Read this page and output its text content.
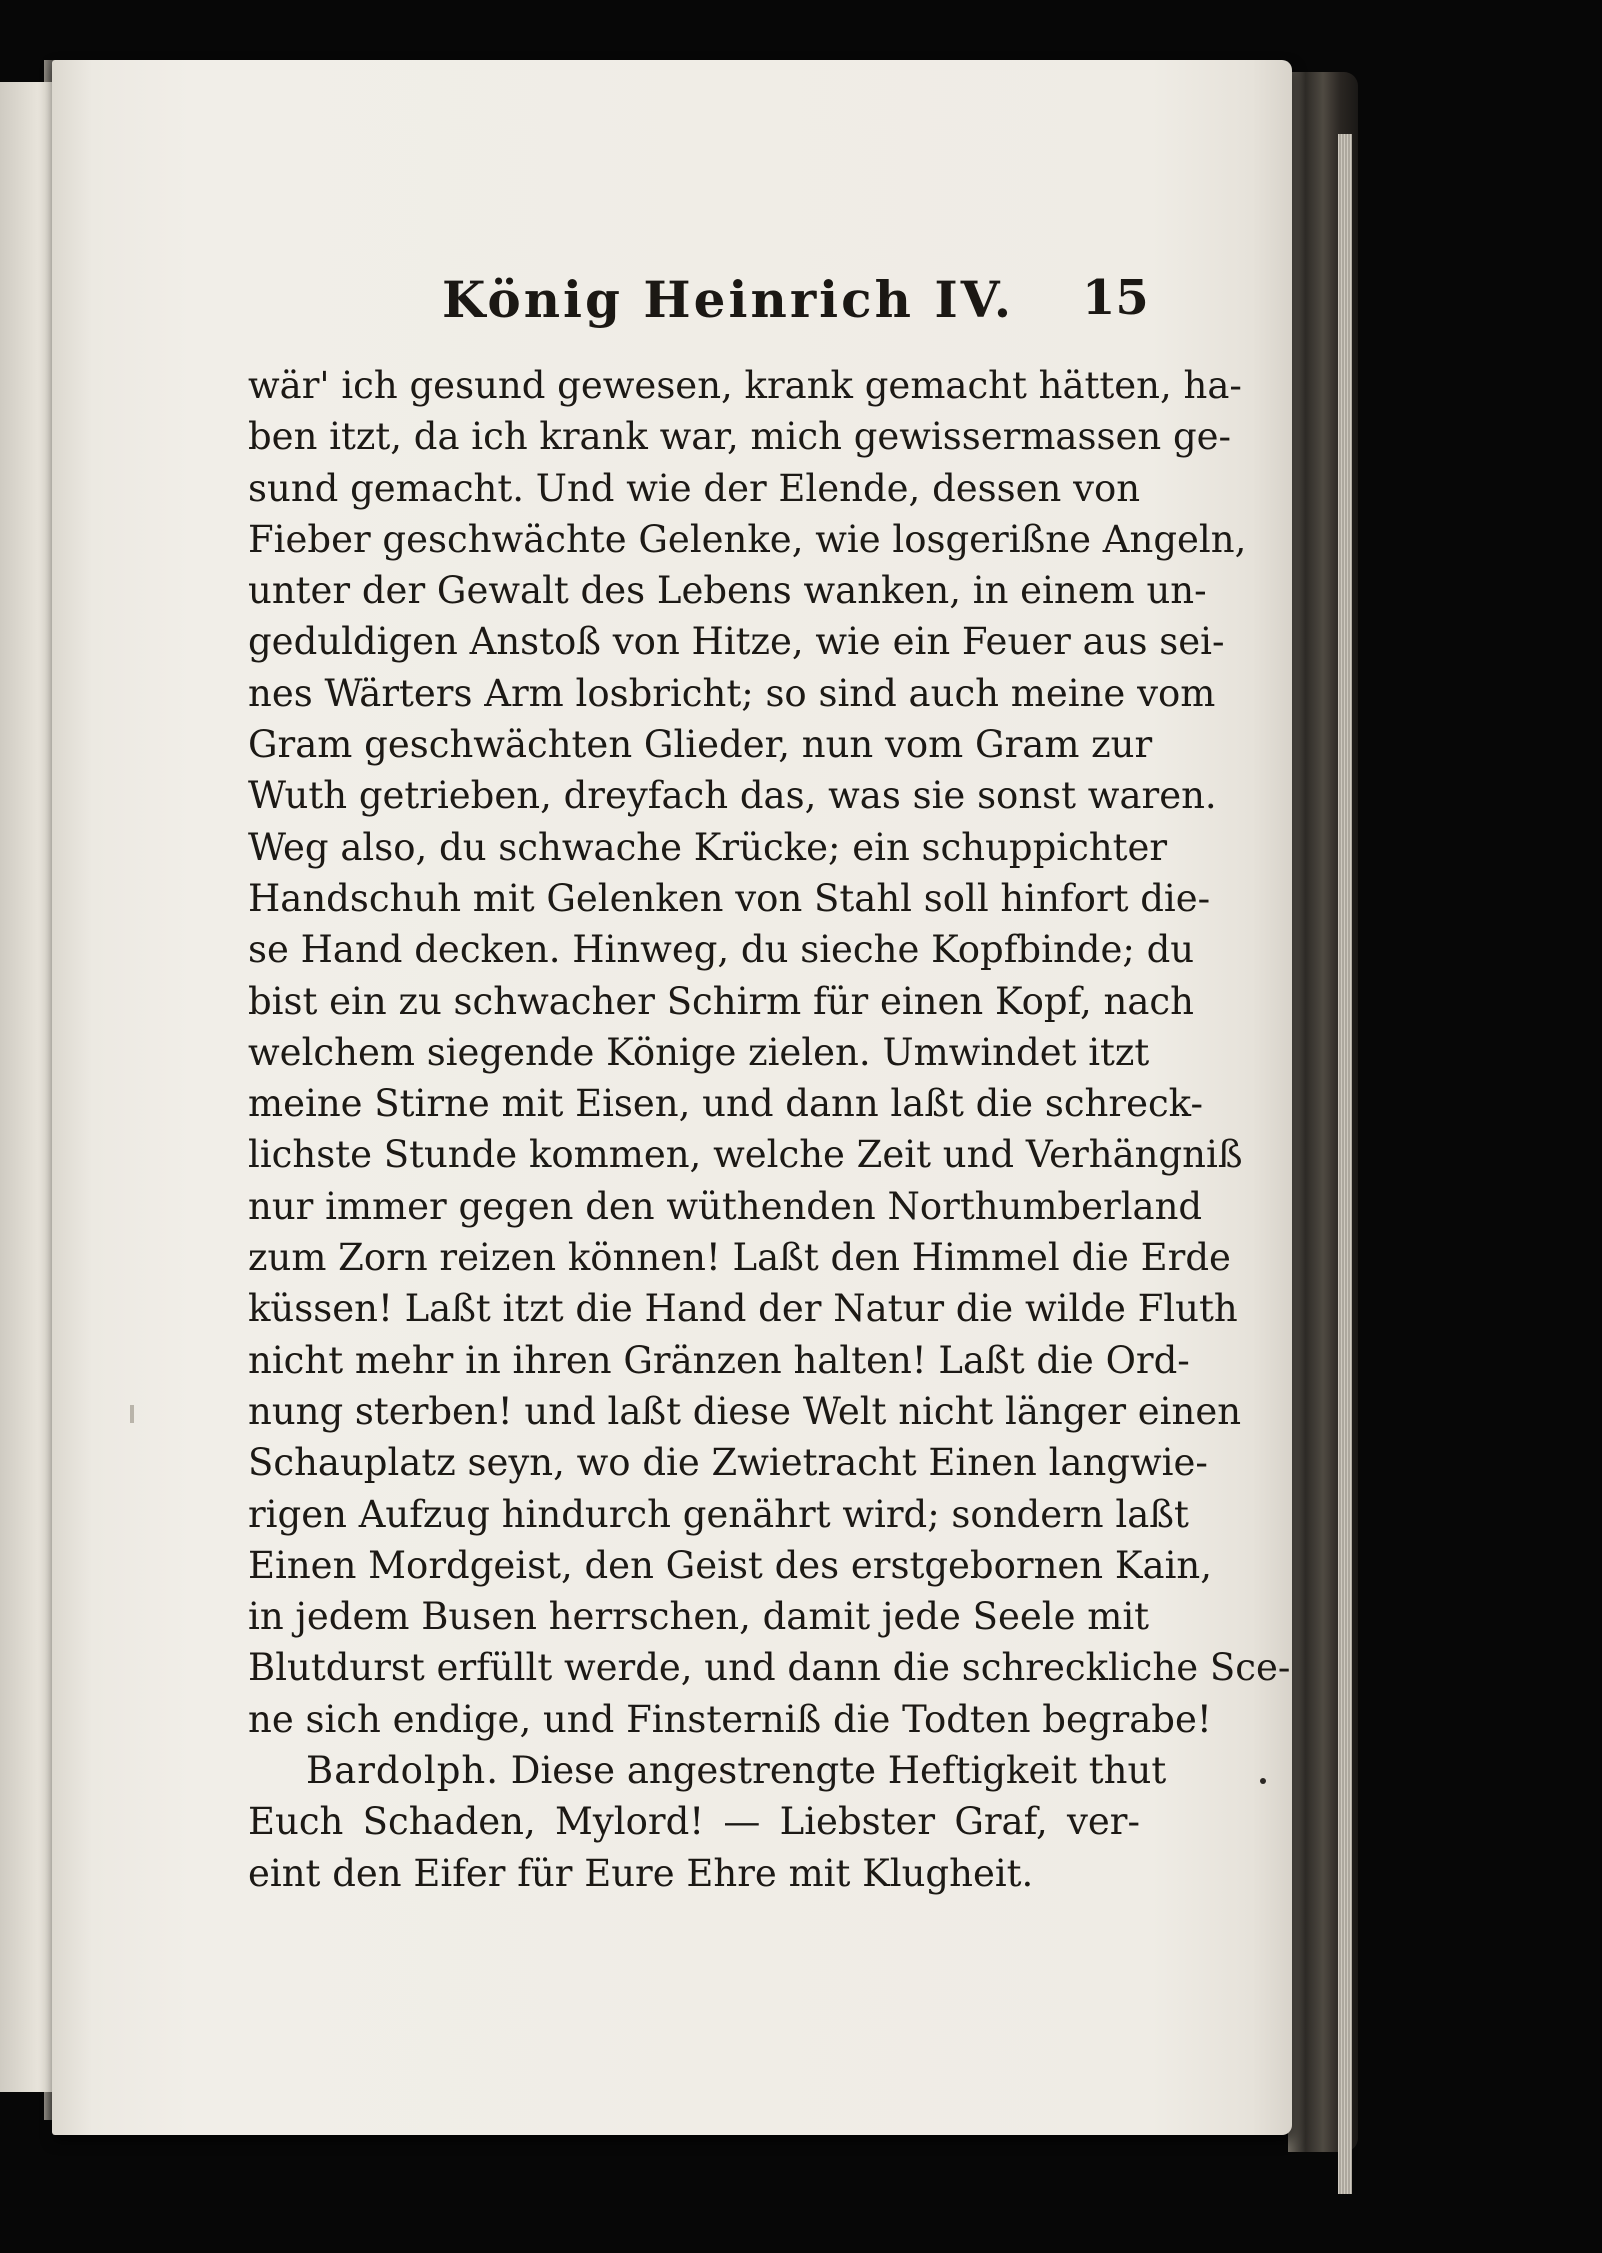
König Heinrich IV. 15
wär' ich gesund gewesen, krank gemacht hätten, ha-
ben itzt, da ich krank war, mich gewissermassen ge-
sund gemacht. Und wie der Elende, dessen von
Fieber geschwächte Gelenke, wie losgerißne Angeln,
unter der Gewalt des Lebens wanken, in einem un-
geduldigen Anstoß von Hitze, wie ein Feuer aus sei-
nes Wärters Arm losbricht; so sind auch meine vom
Gram geschwächten Glieder, nun vom Gram zur
Wuth getrieben, dreyfach das, was sie sonst waren.
Weg also, du schwache Krücke; ein schuppichter
Handschuh mit Gelenken von Stahl soll hinfort die-
se Hand decken. Hinweg, du sieche Kopfbinde; du
bist ein zu schwacher Schirm für einen Kopf, nach
welchem siegende Könige zielen. Umwindet itzt
meine Stirne mit Eisen, und dann laßt die schreck-
lichste Stunde kommen, welche Zeit und Verhängniß
nur immer gegen den wüthenden Northumberland
zum Zorn reizen können! Laßt den Himmel die Erde
küssen! Laßt itzt die Hand der Natur die wilde Fluth
nicht mehr in ihren Gränzen halten! Laßt die Ord-
nung sterben! und laßt diese Welt nicht länger einen
Schauplatz seyn, wo die Zwietracht Einen langwie-
rigen Aufzug hindurch genährt wird; sondern laßt
Einen Mordgeist, den Geist des erstgebornen Kain,
in jedem Busen herrschen, damit jede Seele mit
Blutdurst erfüllt werde, und dann die schreckliche Sce-
ne sich endige, und Finsterniß die Todten begrabe!
Bardolph. Diese angestrengte Heftigkeit thut
Euch Schaden, Mylord! — Liebster Graf, ver-
eint den Eifer für Eure Ehre mit Klugheit.
